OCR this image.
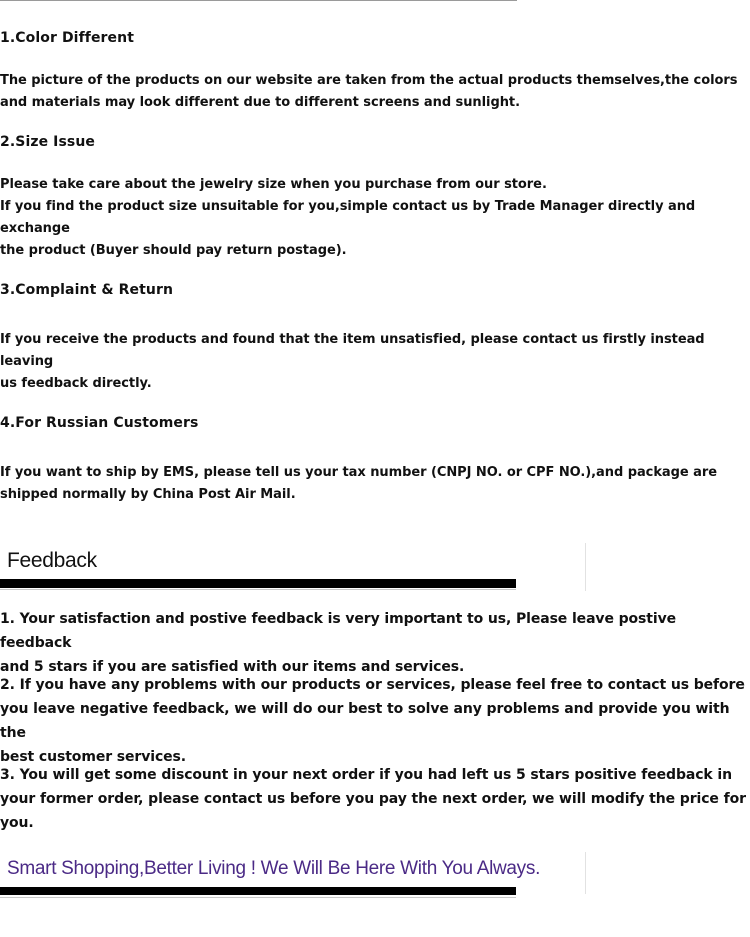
1.Color Different
The picture of the products on our website are taken from the actual products themselves,the colors
and materials may look different due to different screens and sunlight.
2.Size Issue
Please take care about the jewelry size when you purchase from our store.
If you find the product size unsuitable for you,simple contact us by Trade Manager directly and exchange
the product (Buyer should pay return postage).
3.Complaint & Return
If you receive the products and found that the item unsatisfied, please contact us firstly instead leaving
us feedback directly.
4.For Russian Customers
If you want to ship by EMS, please tell us your tax number (CNPJ NO. or CPF NO.),and package are
shipped normally by China Post Air Mail.
Feedback
1. Your satisfaction and postive feedback is very important to us, Please leave postive feedback
and 5 stars if you are satisfied with our items and services.
2. If you have any problems with our products or services, please feel free to contact us before
you leave negative feedback, we will do our best to solve any problems and provide you with the
best customer services.
3. You will get some discount in your next order if you had left us 5 stars positive feedback in
your former order, please contact us before you pay the next order, we will modify the price for
you.
Smart Shopping,Better Living ! We Will Be Here With You Always.
